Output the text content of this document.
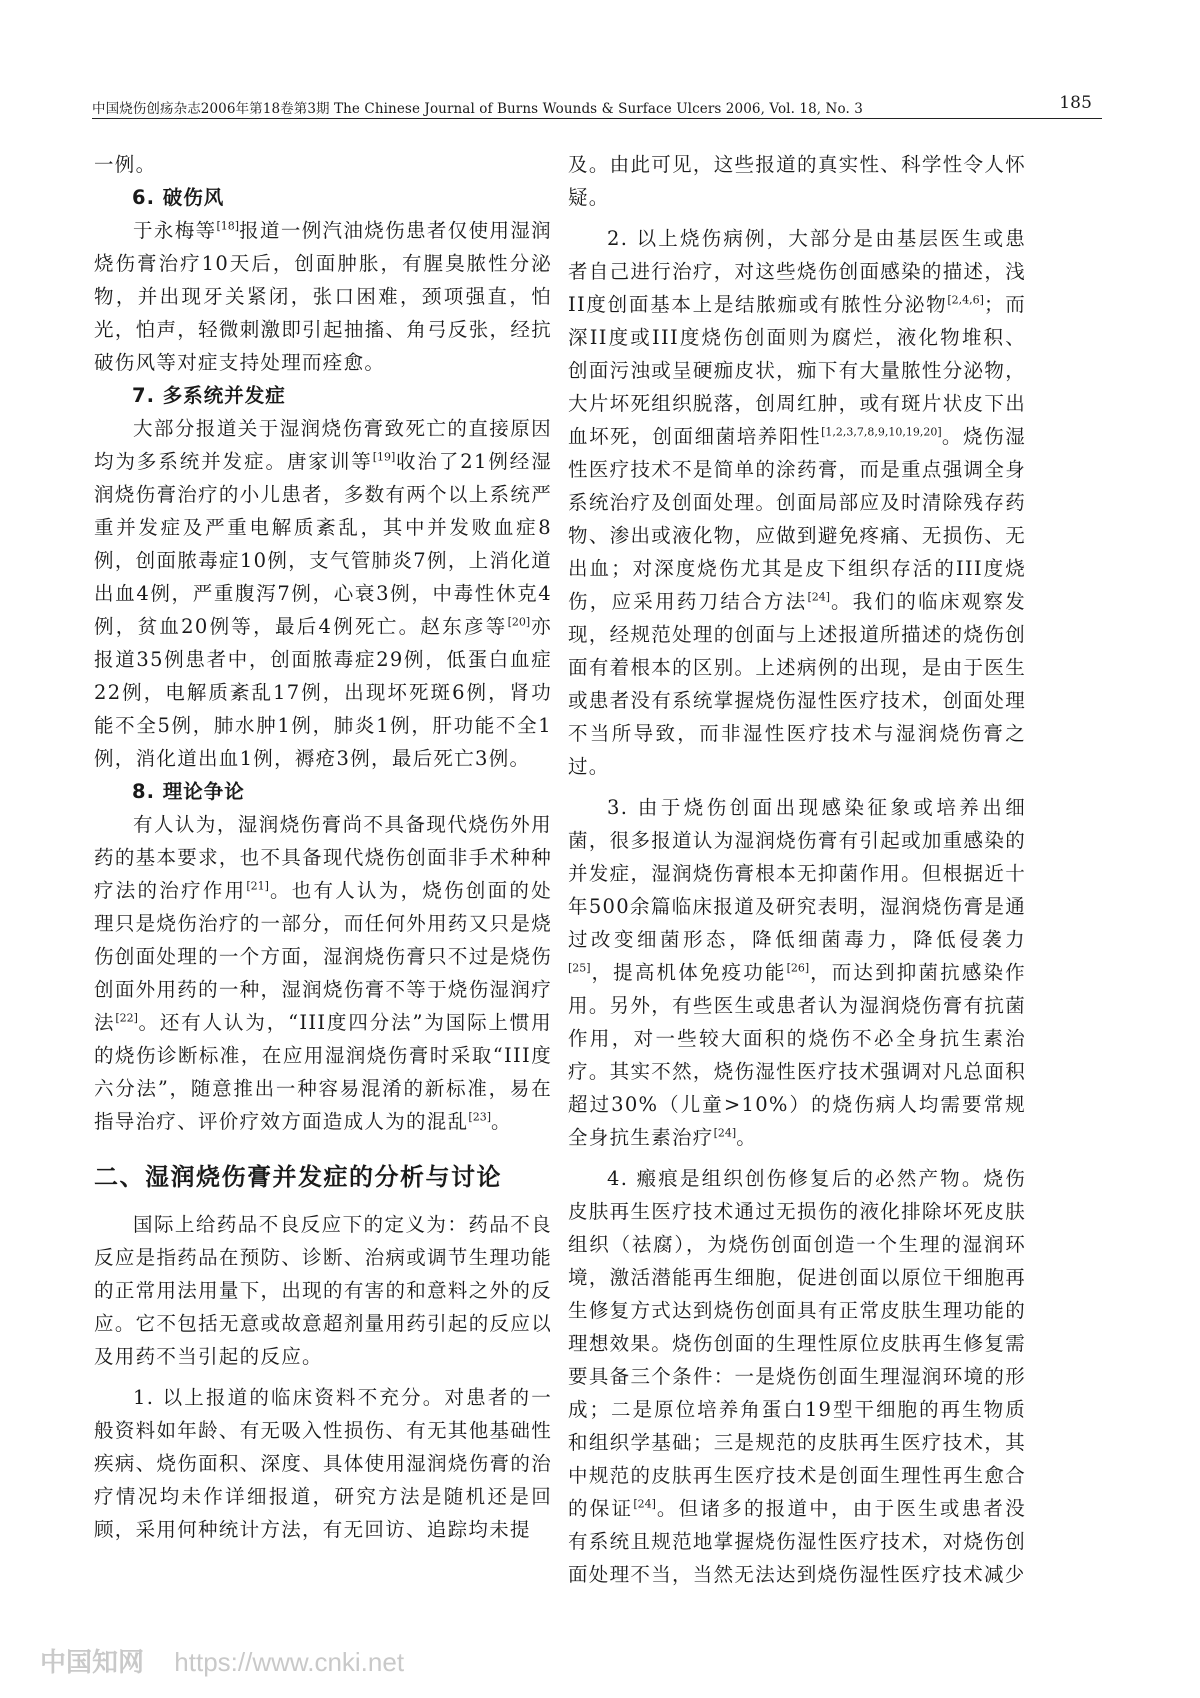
中国烧伤创疡杂志2006年第18卷第3期 The Chinese Journal of Burns Wounds & Surface Ulcers 2006, Vol. 18, No. 3	185

一例。

6. 破伤风

于永梅等[18]报道一例汽油烧伤患者仅使用湿润烧伤膏治疗10天后，创面肿胀，有腥臭脓性分泌物，并出现牙关紧闭，张口困难，颈项强直，怕光，怕声，轻微刺激即引起抽搐、角弓反张，经抗破伤风等对症支持处理而痊愈。

7. 多系统并发症

大部分报道关于湿润烧伤膏致死亡的直接原因均为多系统并发症。唐家训等[19]收治了21例经湿润烧伤膏治疗的小儿患者，多数有两个以上系统严重并发症及严重电解质紊乱，其中并发败血症8例，创面脓毒症10例，支气管肺炎7例，上消化道出血4例，严重腹泻7例，心衰3例，中毒性休克4例，贫血20例等，最后4例死亡。赵东彦等[20]亦报道35例患者中，创面脓毒症29例，低蛋白血症22例，电解质紊乱17例，出现坏死斑6例，肾功能不全5例，肺水肿1例，肺炎1例，肝功能不全1例，消化道出血1例，褥疮3例，最后死亡3例。

8. 理论争论

有人认为，湿润烧伤膏尚不具备现代烧伤外用药的基本要求，也不具备现代烧伤创面非手术种种疗法的治疗作用[21]。也有人认为，烧伤创面的处理只是烧伤治疗的一部分，而任何外用药又只是烧伤创面处理的一个方面，湿润烧伤膏只不过是烧伤创面外用药的一种，湿润烧伤膏不等于烧伤湿润疗法[22]。还有人认为，“III度四分法”为国际上惯用的烧伤诊断标准，在应用湿润烧伤膏时采取“III度六分法”，随意推出一种容易混淆的新标准，易在指导治疗、评价疗效方面造成人为的混乱[23]。

二、湿润烧伤膏并发症的分析与讨论

国际上给药品不良反应下的定义为：药品不良反应是指药品在预防、诊断、治病或调节生理功能的正常用法用量下，出现的有害的和意料之外的反应。它不包括无意或故意超剂量用药引起的反应以及用药不当引起的反应。

1. 以上报道的临床资料不充分。对患者的一般资料如年龄、有无吸入性损伤、有无其他基础性疾病、烧伤面积、深度、具体使用湿润烧伤膏的治疗情况均未作详细报道，研究方法是随机还是回顾，采用何种统计方法，有无回访、追踪均未提

及。由此可见，这些报道的真实性、科学性令人怀疑。

2. 以上烧伤病例，大部分是由基层医生或患者自己进行治疗，对这些烧伤创面感染的描述，浅II度创面基本上是结脓痂或有脓性分泌物[2,4,6]；而深II度或III度烧伤创面则为腐烂，液化物堆积、创面污浊或呈硬痂皮状，痂下有大量脓性分泌物，大片坏死组织脱落，创周红肿，或有斑片状皮下出血坏死，创面细菌培养阳性[1,2,3,7,8,9,10,19,20]。烧伤湿性医疗技术不是简单的涂药膏，而是重点强调全身系统治疗及创面处理。创面局部应及时清除残存药物、渗出或液化物，应做到避免疼痛、无损伤、无出血；对深度烧伤尤其是皮下组织存活的III度烧伤，应采用药刀结合方法[24]。我们的临床观察发现，经规范处理的创面与上述报道所描述的烧伤创面有着根本的区别。上述病例的出现，是由于医生或患者没有系统掌握烧伤湿性医疗技术，创面处理不当所导致，而非湿性医疗技术与湿润烧伤膏之过。

3. 由于烧伤创面出现感染征象或培养出细菌，很多报道认为湿润烧伤膏有引起或加重感染的并发症，湿润烧伤膏根本无抑菌作用。但根据近十年500余篇临床报道及研究表明，湿润烧伤膏是通过改变细菌形态，降低细菌毒力，降低侵袭力[25]，提高机体免疫功能[26]，而达到抑菌抗感染作用。另外，有些医生或患者认为湿润烧伤膏有抗菌作用，对一些较大面积的烧伤不必全身抗生素治疗。其实不然，烧伤湿性医疗技术强调对凡总面积超过30%（儿童>10%）的烧伤病人均需要常规全身抗生素治疗[24]。

4. 瘢痕是组织创伤修复后的必然产物。烧伤皮肤再生医疗技术通过无损伤的液化排除坏死皮肤组织（祛腐），为烧伤创面创造一个生理的湿润环境，激活潜能再生细胞，促进创面以原位干细胞再生修复方式达到烧伤创面具有正常皮肤生理功能的理想效果。烧伤创面的生理性原位皮肤再生修复需要具备三个条件：一是烧伤创面生理湿润环境的形成；二是原位培养角蛋白19型干细胞的再生物质和组织学基础；三是规范的皮肤再生医疗技术，其中规范的皮肤再生医疗技术是创面生理性再生愈合的保证[24]。但诸多的报道中，由于医生或患者没有系统且规范地掌握烧伤湿性医疗技术，对烧伤创面处理不当，当然无法达到烧伤湿性医疗技术减少

中国知网 https://www.cnki.net
